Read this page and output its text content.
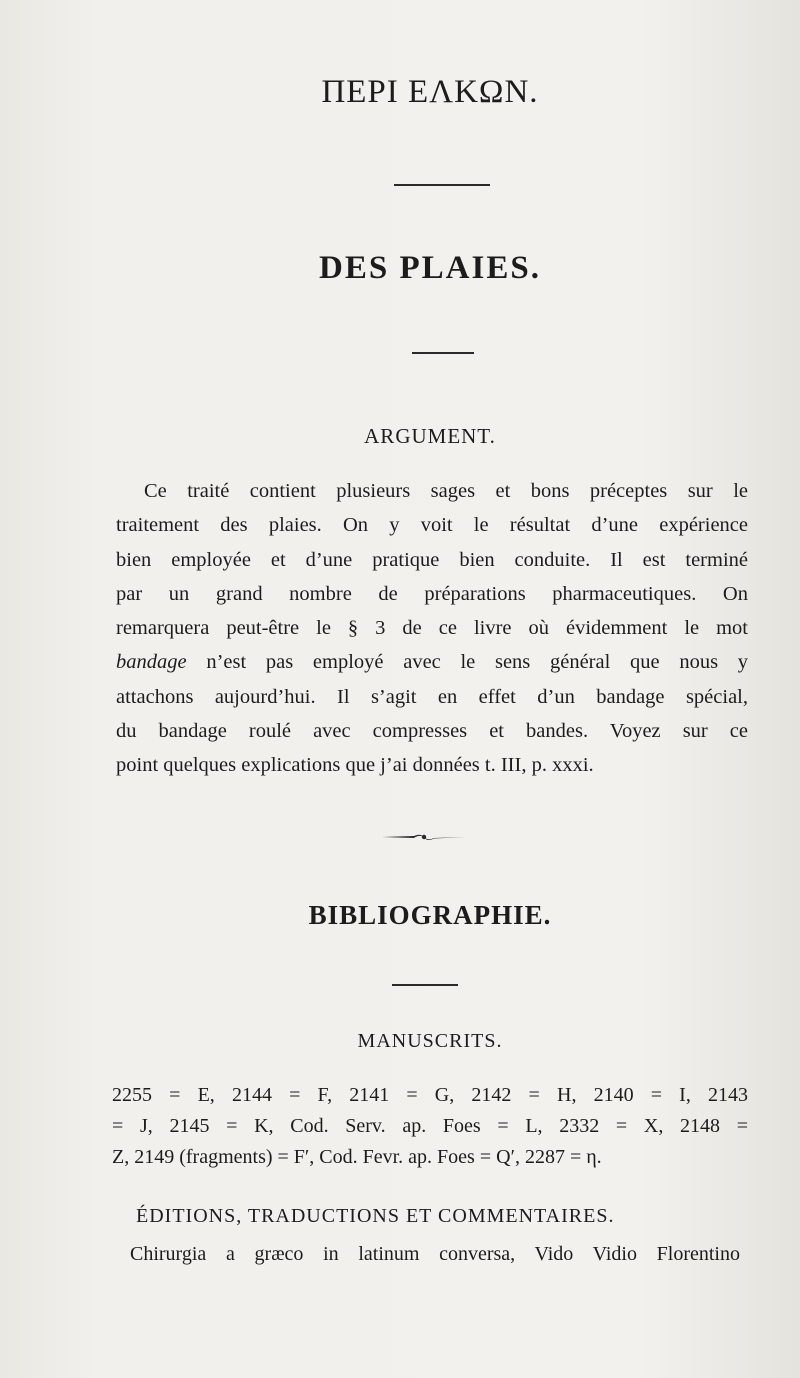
ΠΕΡΙ ΕΛΚΩΝ.
DES PLAIES.
ARGUMENT.
Ce traité contient plusieurs sages et bons préceptes sur le
traitement des plaies. On y voit le résultat d’une expérience
bien employée et d’une pratique bien conduite. Il est terminé
par un grand nombre de préparations pharmaceutiques. On
remarquera peut-être le § 3 de ce livre où évidemment le mot
bandage n’est pas employé avec le sens général que nous y
attachons aujourd’hui. Il s’agit en effet d’un bandage spécial,
du bandage roulé avec compresses et bandes. Voyez sur ce
point quelques explications que j’ai données t. III, p. xxxi.
BIBLIOGRAPHIE.
MANUSCRITS.
2255 = E, 2144 = F, 2141 = G, 2142 = H, 2140 = I, 2143
= J, 2145 = K, Cod. Serv. ap. Foes = L, 2332 = X, 2148 =
Z, 2149 (fragments) = F′, Cod. Fevr. ap. Foes = Q′, 2287 = η.
ÉDITIONS, TRADUCTIONS ET COMMENTAIRES.
Chirurgia a græco in latinum conversa, Vido Vidio Florentino
